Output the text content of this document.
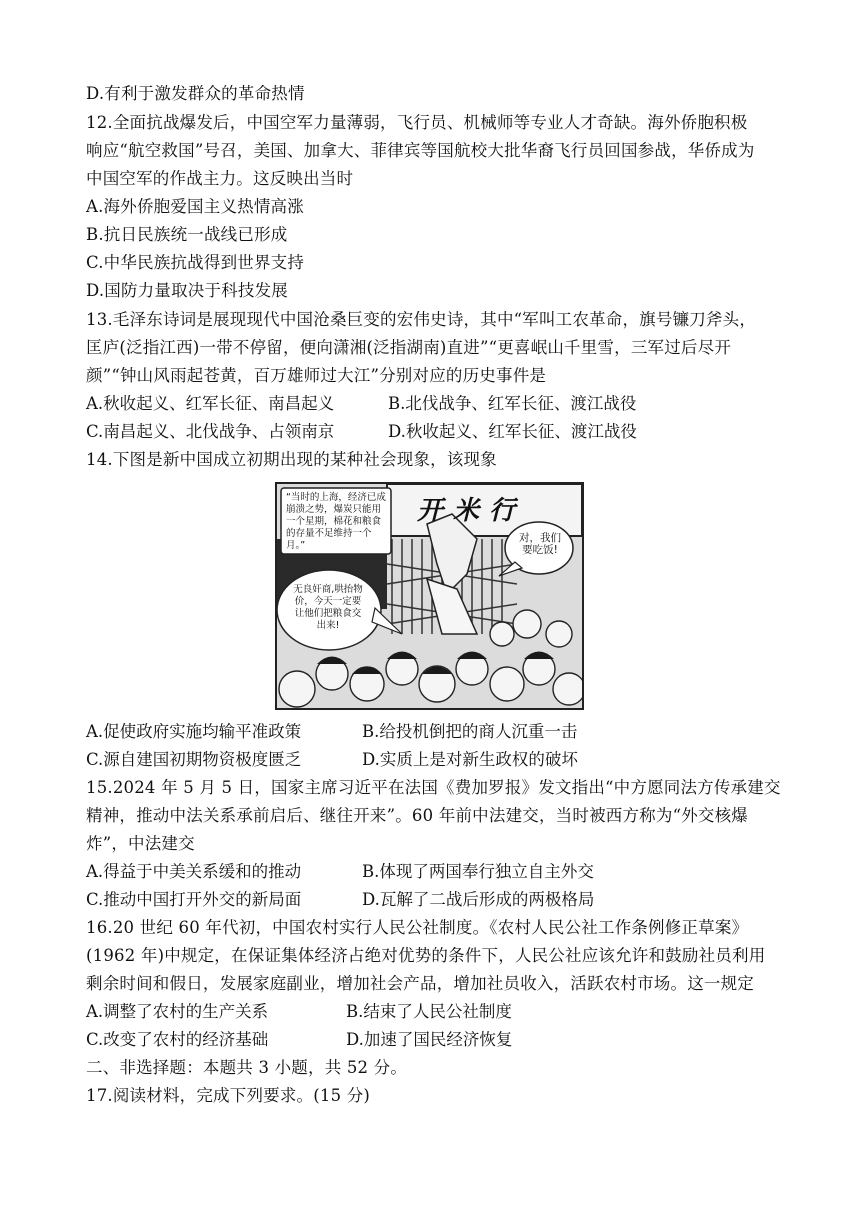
D.有利于激发群众的革命热情
12.全面抗战爆发后，中国空军力量薄弱，飞行员、机械师等专业人才奇缺。海外侨胞积极
响应“航空救国”号召，美国、加拿大、菲律宾等国航校大批华裔飞行员回国参战，华侨成为
中国空军的作战主力。这反映出当时
A.海外侨胞爱国主义热情高涨
B.抗日民族统一战线已形成
C.中华民族抗战得到世界支持
D.国防力量取决于科技发展
13.毛泽东诗词是展现现代中国沧桑巨变的宏伟史诗，其中“军叫工农革命，旗号镰刀斧头，
匡庐(泛指江西)一带不停留，便向潇湘(泛指湖南)直进”“更喜岷山千里雪，三军过后尽开
颜”“钟山风雨起苍黄，百万雄师过大江”分别对应的历史事件是
A.秋收起义、红军长征、南昌起义	B.北伐战争、红军长征、渡江战役
C.南昌起义、北伐战争、占领南京	D.秋收起义、红军长征、渡江战役
14.下图是新中国成立初期出现的某种社会现象，该现象
开米行
“当时的上海，经济已成崩溃之势，爆炭只能用一个星期，棉花和粮食的存量不足维持一个月。”
对，我们要吃饭!
无良奸商,哄抬物价，今天一定要让他们把粮食交出来!
A.促使政府实施均输平准政策	B.给投机倒把的商人沉重一击
C.源自建国初期物资极度匮乏	D.实质上是对新生政权的破坏
15.2024 年 5 月 5 日，国家主席习近平在法国《费加罗报》发文指出“中方愿同法方传承建交
精神，推动中法关系承前启后、继往开来”。60 年前中法建交，当时被西方称为“外交核爆
炸”，中法建交
A.得益于中美关系缓和的推动	B.体现了两国奉行独立自主外交
C.推动中国打开外交的新局面	D.瓦解了二战后形成的两极格局
16.20 世纪 60 年代初，中国农村实行人民公社制度。《农村人民公社工作条例修正草案》
(1962 年)中规定，在保证集体经济占绝对优势的条件下，人民公社应该允许和鼓励社员利用
剩余时间和假日，发展家庭副业，增加社会产品，增加社员收入，活跃农村市场。这一规定
A.调整了农村的生产关系	B.结束了人民公社制度
C.改变了农村的经济基础	D.加速了国民经济恢复
二、非选择题：本题共 3 小题，共 52 分。
17.阅读材料，完成下列要求。(15 分)
